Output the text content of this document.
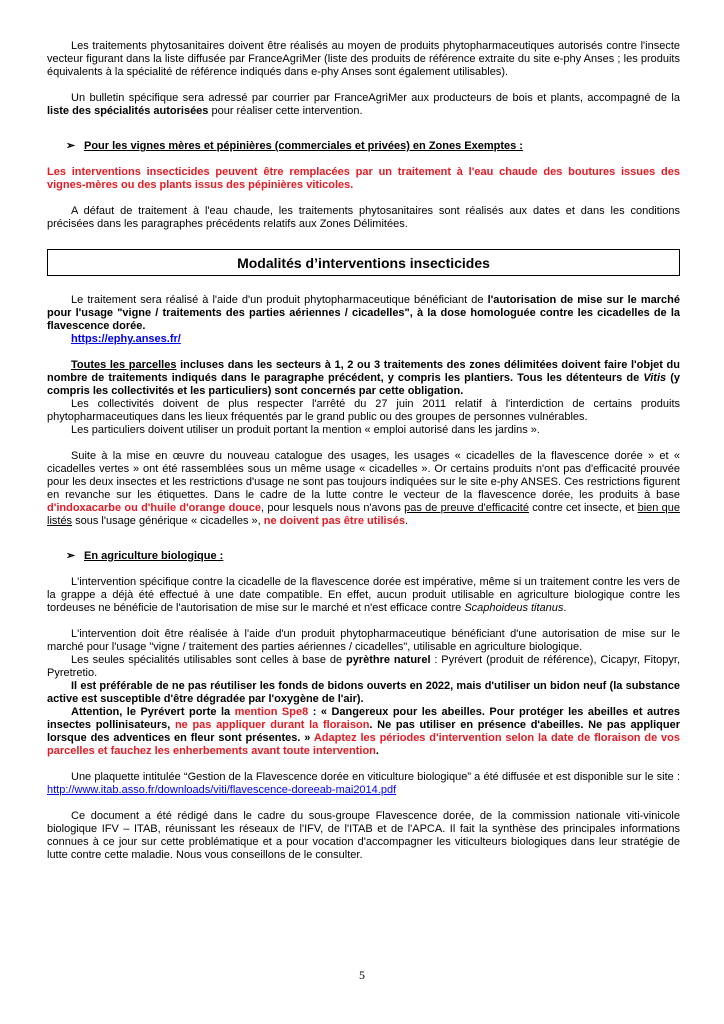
Les traitements phytosanitaires doivent être réalisés au moyen de produits phytopharmaceutiques autorisés contre l'insecte vecteur figurant dans la liste diffusée par FranceAgriMer (liste des produits de référence extraite du site e-phy Anses ; les produits équivalents à la spécialité de référence indiqués dans e-phy Anses sont également utilisables).

Un bulletin spécifique sera adressé par courrier par FranceAgriMer aux producteurs de bois et plants, accompagné de la liste des spécialités autorisées pour réaliser cette intervention.

➢ Pour les vignes mères et pépinières (commerciales et privées) en Zones Exemptes :

Les interventions insecticides peuvent être remplacées par un traitement à l'eau chaude des boutures issues des vignes-mères ou des plants issus des pépinières viticoles.

A défaut de traitement à l'eau chaude, les traitements phytosanitaires sont réalisés aux dates et dans les conditions précisées dans les paragraphes précédents relatifs aux Zones Délimitées.

Modalités d’interventions insecticides

Le traitement sera réalisé à l'aide d'un produit phytopharmaceutique bénéficiant de l'autorisation de mise sur le marché pour l'usage "vigne / traitements des parties aériennes / cicadelles", à la dose homologuée contre les cicadelles de la flavescence dorée.

https://ephy.anses.fr/

Toutes les parcelles incluses dans les secteurs à 1, 2 ou 3 traitements des zones délimitées doivent faire l'objet du nombre de traitements indiqués dans le paragraphe précédent, y compris les plantiers. Tous les détenteurs de Vitis (y compris les collectivités et les particuliers) sont concernés par cette obligation.

Les collectivités doivent de plus respecter l'arrêté du 27 juin 2011 relatif à l'interdiction de certains produits phytopharmaceutiques dans les lieux fréquentés par le grand public ou des groupes de personnes vulnérables.

Les particuliers doivent utiliser un produit portant la mention « emploi autorisé dans les jardins ».

Suite à la mise en œuvre du nouveau catalogue des usages, les usages « cicadelles de la flavescence dorée » et « cicadelles vertes » ont été rassemblées sous un même usage « cicadelles ». Or certains produits n'ont pas d'efficacité prouvée pour les deux insectes et les restrictions d'usage ne sont pas toujours indiquées sur le site e-phy ANSES. Ces restrictions figurent en revanche sur les étiquettes. Dans le cadre de la lutte contre le vecteur de la flavescence dorée, les produits à base d'indoxacarbe ou d'huile d'orange douce, pour lesquels nous n'avons pas de preuve d'efficacité contre cet insecte, et bien que listés sous l'usage générique « cicadelles », ne doivent pas être utilisés.

➢ En agriculture biologique :

L'intervention spécifique contre la cicadelle de la flavescence dorée est impérative, même si un traitement contre les vers de la grappe a déjà été effectué à une date compatible. En effet, aucun produit utilisable en agriculture biologique contre les tordeuses ne bénéficie de l'autorisation de mise sur le marché et n'est efficace contre Scaphoideus titanus.

L'intervention doit être réalisée à l'aide d'un produit phytopharmaceutique bénéficiant d'une autorisation de mise sur le marché pour l'usage "vigne / traitement des parties aériennes / cicadelles", utilisable en agriculture biologique.

Les seules spécialités utilisables sont celles à base de pyrèthre naturel : Pyrévert (produit de référence), Cicapyr, Fitopyr, Pyretretio.

Il est préférable de ne pas réutiliser les fonds de bidons ouverts en 2022, mais d'utiliser un bidon neuf (la substance active est susceptible d'être dégradée par l'oxygène de l'air).

Attention, le Pyrévert porte la mention Spe8 : « Dangereux pour les abeilles. Pour protéger les abeilles et autres insectes pollinisateurs, ne pas appliquer durant la floraison. Ne pas utiliser en présence d'abeilles. Ne pas appliquer lorsque des adventices en fleur sont présentes. » Adaptez les périodes d'intervention selon la date de floraison de vos parcelles et fauchez les enherbements avant toute intervention.

Une plaquette intitulée “Gestion de la Flavescence dorée en viticulture biologique” a été diffusée et est disponible sur le site : http://www.itab.asso.fr/downloads/viti/flavescence-doreeab-mai2014.pdf

Ce document a été rédigé dans le cadre du sous-groupe Flavescence dorée, de la commission nationale viti-vinicole biologique IFV – ITAB, réunissant les réseaux de l'IFV, de l'ITAB et de l'APCA. Il fait la synthèse des principales informations connues à ce jour sur cette problématique et a pour vocation d'accompagner les viticulteurs biologiques dans leur stratégie de lutte contre cette maladie. Nous vous conseillons de le consulter.

5
